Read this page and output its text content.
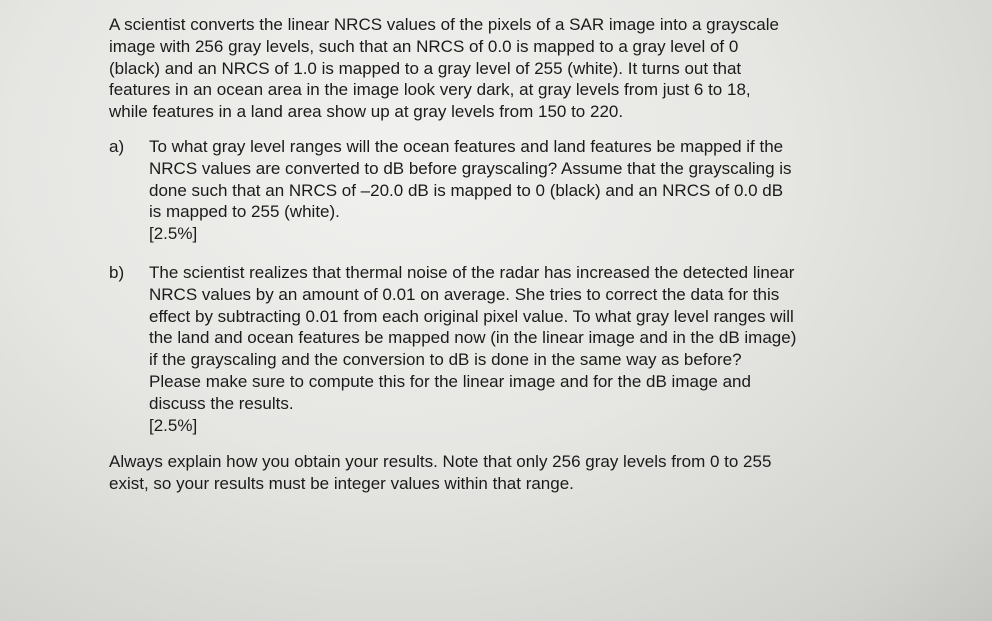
A scientist converts the linear NRCS values of the pixels of a SAR image into a grayscale
image with 256 gray levels, such that an NRCS of 0.0 is mapped to a gray level of 0
(black) and an NRCS of 1.0 is mapped to a gray level of 255 (white). It turns out that
features in an ocean area in the image look very dark, at gray levels from just 6 to 18,
while features in a land area show up at gray levels from 150 to 220.

a)	To what gray level ranges will the ocean features and land features be mapped if the
NRCS values are converted to dB before grayscaling? Assume that the grayscaling is
done such that an NRCS of –20.0 dB is mapped to 0 (black) and an NRCS of 0.0 dB
is mapped to 255 (white).
[2.5%]
b)	The scientist realizes that thermal noise of the radar has increased the detected linear
NRCS values by an amount of 0.01 on average. She tries to correct the data for this
effect by subtracting 0.01 from each original pixel value. To what gray level ranges will
the land and ocean features be mapped now (in the linear image and in the dB image)
if the grayscaling and the conversion to dB is done in the same way as before?
Please make sure to compute this for the linear image and for the dB image and
discuss the results.
[2.5%]

Always explain how you obtain your results. Note that only 256 gray levels from 0 to 255
exist, so your results must be integer values within that range.
